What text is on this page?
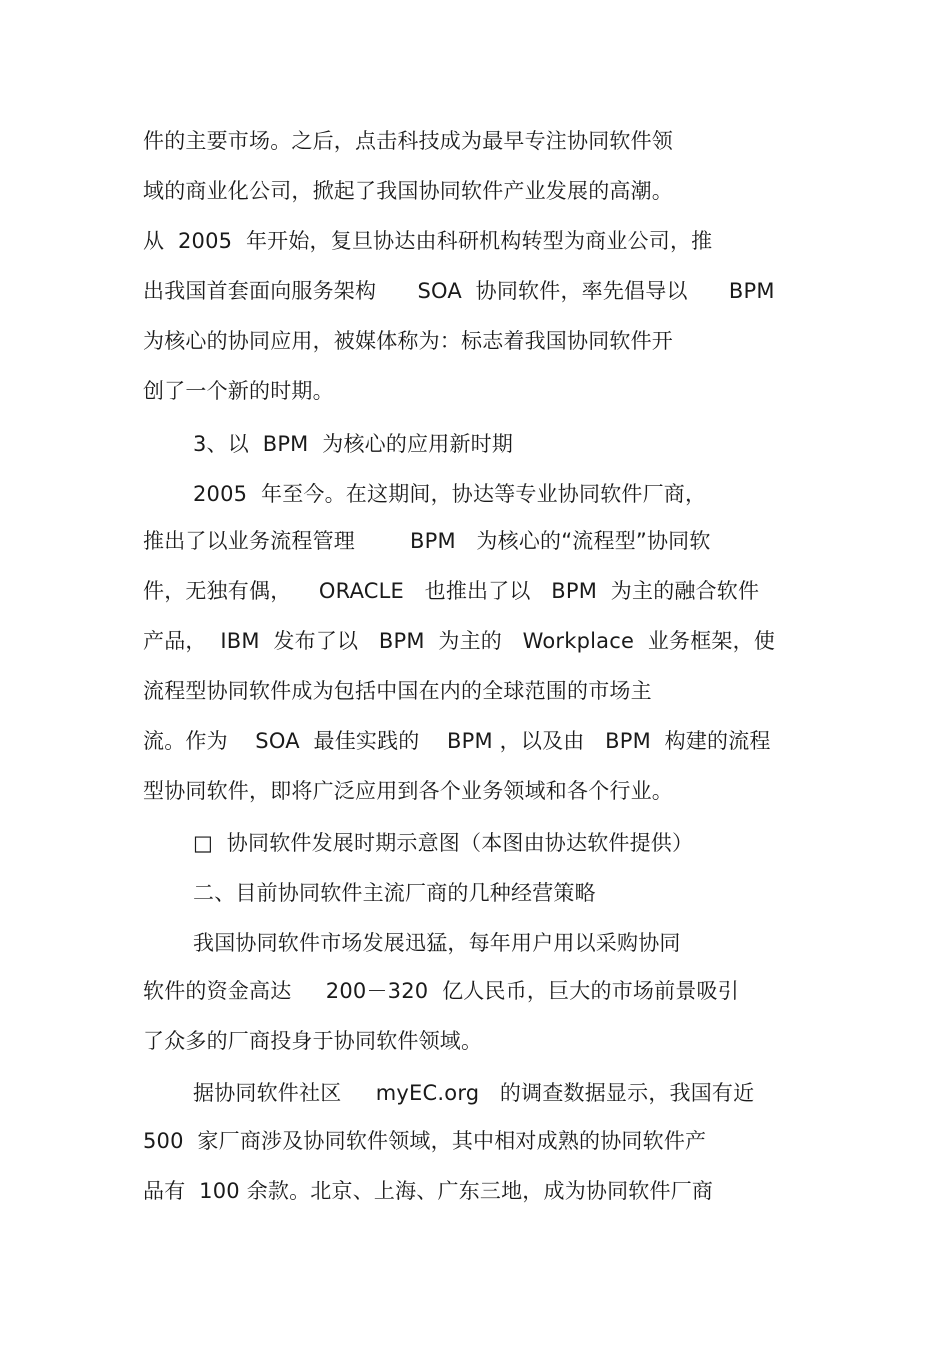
件的主要市场。之后，点击科技成为最早专注协同软件领
域的商业化公司，掀起了我国协同软件产业发展的高潮。
从  2005  年开始，复旦协达由科研机构转型为商业公司，推
出我国首套面向服务架构      SOA  协同软件，率先倡导以      BPM
为核心的协同应用，被媒体称为：标志着我国协同软件开
创了一个新的时期。
3、以  BPM  为核心的应用新时期
2005  年至今。在这期间，协达等专业协同软件厂商，
推出了以业务流程管理        BPM   为核心的“流程型”协同软
件，无独有偶，    ORACLE   也推出了以   BPM  为主的融合软件
产品，  IBM  发布了以   BPM  为主的   Workplace  业务框架，使
流程型协同软件成为包括中国在内的全球范围的市场主
流。作为    SOA  最佳实践的    BPM ，以及由   BPM  构建的流程
型协同软件，即将广泛应用到各个业务领域和各个行业。
□  协同软件发展时期示意图（本图由协达软件提供）
二、目前协同软件主流厂商的几种经营策略
我国协同软件市场发展迅猛，每年用户用以采购协同
软件的资金高达     200－320  亿人民币，巨大的市场前景吸引
了众多的厂商投身于协同软件领域。
据协同软件社区     myEC.org   的调查数据显示，我国有近
500  家厂商涉及协同软件领域，其中相对成熟的协同软件产
品有  100 余款。北京、上海、广东三地，成为协同软件厂商
